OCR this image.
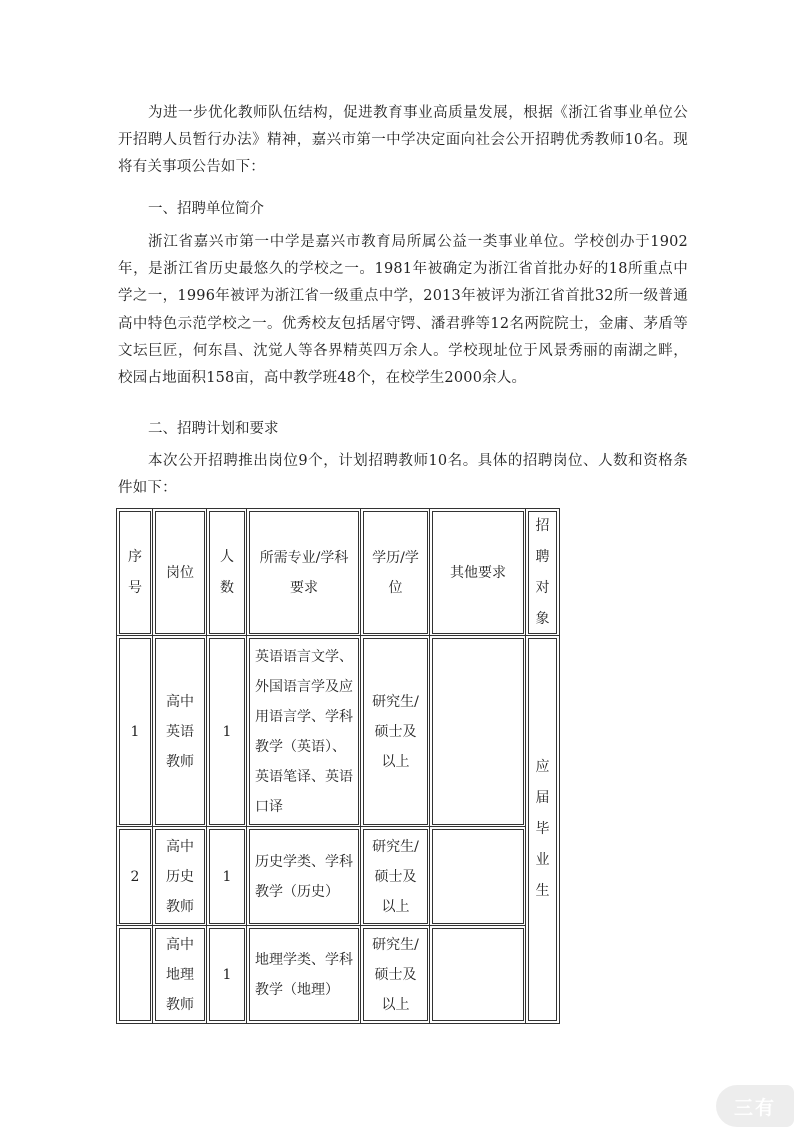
为进一步优化教师队伍结构，促进教育事业高质量发展，根据《浙江省事业单位公开招聘人员暂行办法》精神，嘉兴市第一中学决定面向社会公开招聘优秀教师10名。现将有关事项公告如下：

一、招聘单位简介

浙江省嘉兴市第一中学是嘉兴市教育局所属公益一类事业单位。学校创办于1902年，是浙江省历史最悠久的学校之一。1981年被确定为浙江省首批办好的18所重点中学之一，1996年被评为浙江省一级重点中学，2013年被评为浙江省首批32所一级普通高中特色示范学校之一。优秀校友包括屠守锷、潘君骅等12名两院院士，金庸、茅盾等文坛巨匠，何东昌、沈觉人等各界精英四万余人。学校现址位于风景秀丽的南湖之畔，校园占地面积158亩，高中教学班48个，在校学生2000余人。

二、招聘计划和要求

本次公开招聘推出岗位9个，计划招聘教师10名。具体的招聘岗位、人数和资格条件如下：

序
号
岗位
人
数
所需专业/学科
要求
学历/学
位
其他要求
招
聘
对
象
1
高中
英语
教师
1
英语语言文学、
外国语言学及应
用语言学、学科
教学（英语）、
英语笔译、英语
口译
研究生/
硕士及
以上
2
高中
历史
教师
1
历史学类、学科
教学（历史）
研究生/
硕士及
以上
高中
地理
教师
1
地理学类、学科
教学（地理）
研究生/
硕士及
以上
应
届
毕
业
生
三有
